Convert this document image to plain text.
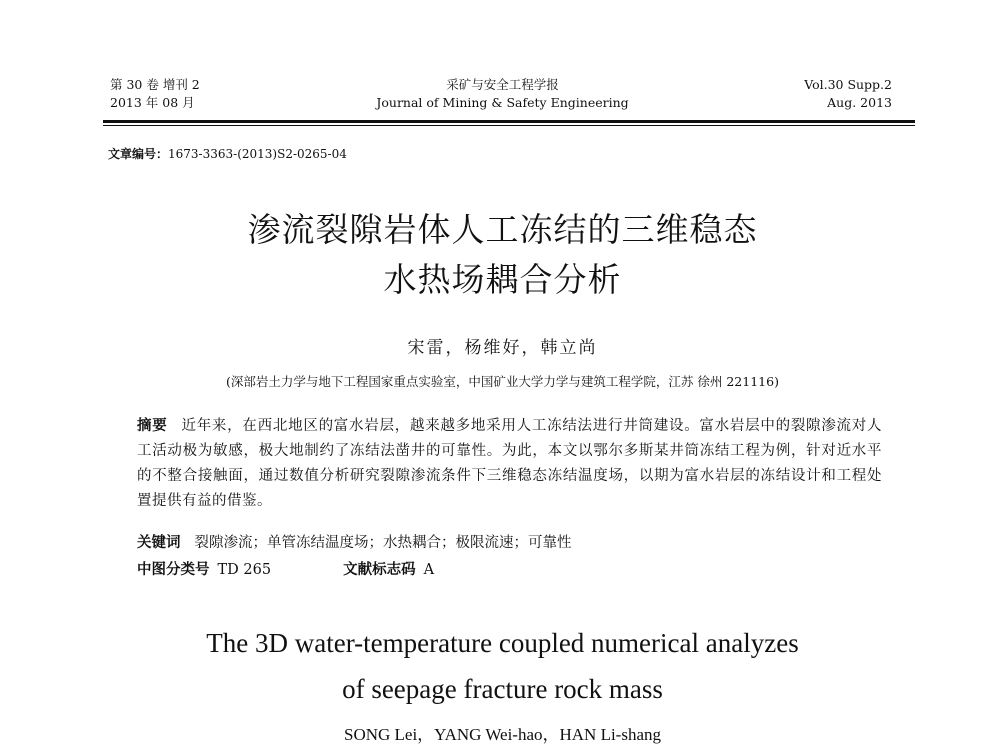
第 30 卷 增刊 2
2013 年 08 月
采矿与安全工程学报
Journal of Mining & Safety Engineering
Vol.30 Supp.2
Aug. 2013
文章编号：1673-3363-(2013)S2-0265-04
渗流裂隙岩体人工冻结的三维稳态
水热场耦合分析
宋雷，杨维好，韩立尚
(深部岩土力学与地下工程国家重点实验室，中国矿业大学力学与建筑工程学院，江苏 徐州 221116)
摘要 近年来，在西北地区的富水岩层，越来越多地采用人工冻结法进行井筒建设。富水岩层中的裂隙渗流对人工活动极为敏感，极大地制约了冻结法凿井的可靠性。为此，本文以鄂尔多斯某井筒冻结工程为例，针对近水平的不整合接触面，通过数值分析研究裂隙渗流条件下三维稳态冻结温度场，以期为富水岩层的冻结设计和工程处置提供有益的借鉴。
关键词 裂隙渗流；单管冻结温度场；水热耦合；极限流速；可靠性
中图分类号 TD 265	文献标志码 A
The 3D water-temperature coupled numerical analyzes
of seepage fracture rock mass
SONG Lei，YANG Wei-hao，HAN Li-shang
